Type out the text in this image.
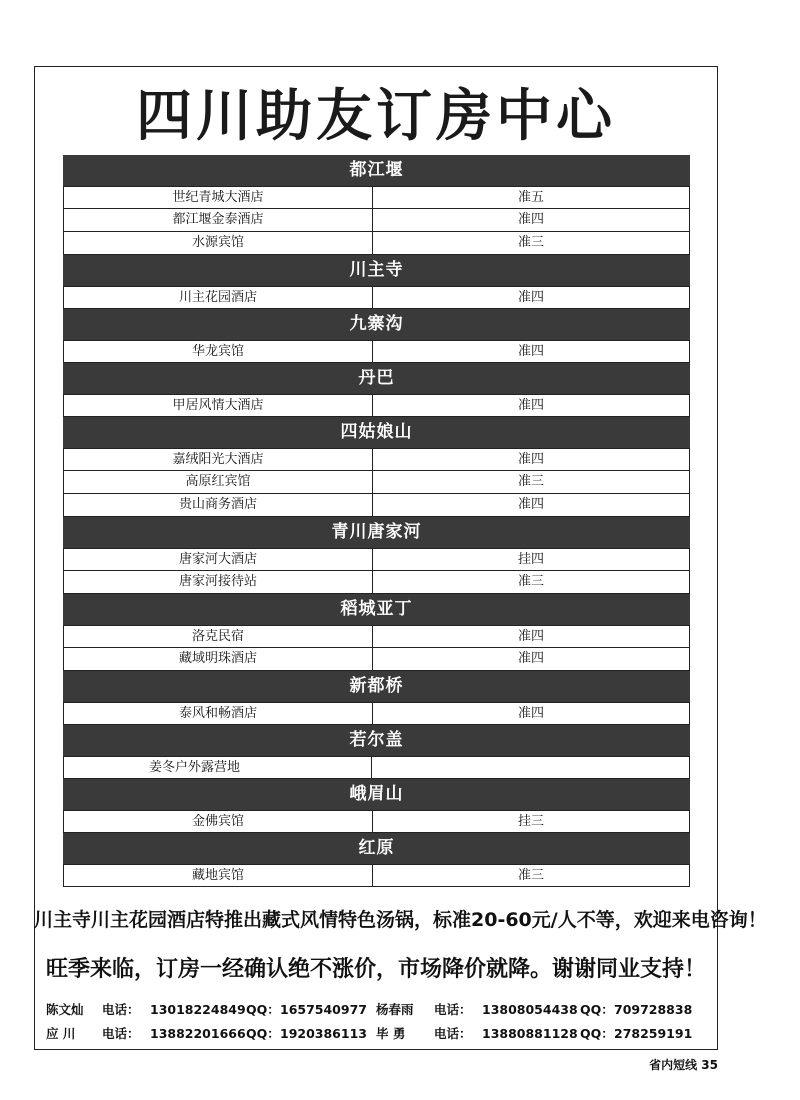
四川助友订房中心
都江堰
世纪青城大酒店	准五
都江堰金泰酒店	准四
水源宾馆	准三
川主寺
川主花园酒店	准四
九寨沟
华龙宾馆	准四
丹巴
甲居风情大酒店	准四
四姑娘山
嘉绒阳光大酒店	准四
高原红宾馆	准三
贵山商务酒店	准四
青川唐家河
唐家河大酒店	挂四
唐家河接待站	准三
稻城亚丁
洛克民宿	准四
藏域明珠酒店	准四
新都桥
泰风和畅酒店	准四
若尔盖
姜冬户外露营地
峨眉山
金佛宾馆	挂三
红原
藏地宾馆	准三
川主寺川主花园酒店特推出藏式风情特色汤锅，标准20-60元/人不等，欢迎来电咨询！
旺季来临，订房一经确认绝不涨价，市场降价就降。谢谢同业支持！
陈文灿	电话： 13018224849 QQ： 1657540977 杨春雨	电话： 13808054438 QQ： 709728838
应 川	电话： 13882201666 QQ： 1920386113 毕 勇	电话： 13880881128 QQ： 278259191
省内短线 35
